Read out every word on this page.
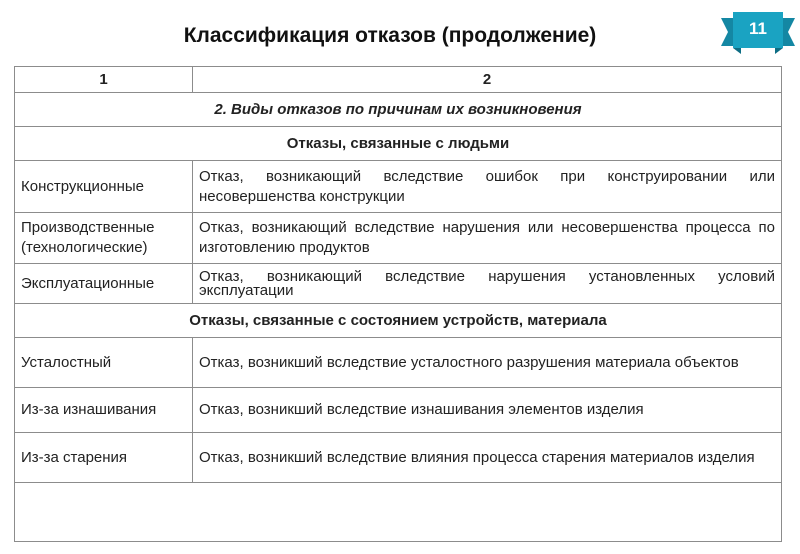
Классификация отказов (продолжение)	11
1	2
2. Виды отказов по причинам их возникновения	
Отказы, связанные с людьми	
Конструкционные	Отказ, возникающий вследствие ошибок при конструировании или несовершенства конструкции
Производственные (технологические)	Отказ, возникающий вследствие нарушения или несовершенства процесса по изготовлению продуктов
Эксплуатационные	Отказ, возникающий вследствие нарушения установленных условий эксплуатации
Отказы, связанные с состоянием устройств, материала	
Усталостный	Отказ, возникший вследствие усталостного разрушения материала объектов
Из-за изнашивания	Отказ, возникший вследствие изнашивания элементов изделия
Из-за старения	Отказ, возникший вследствие влияния процесса старения материалов изделия
